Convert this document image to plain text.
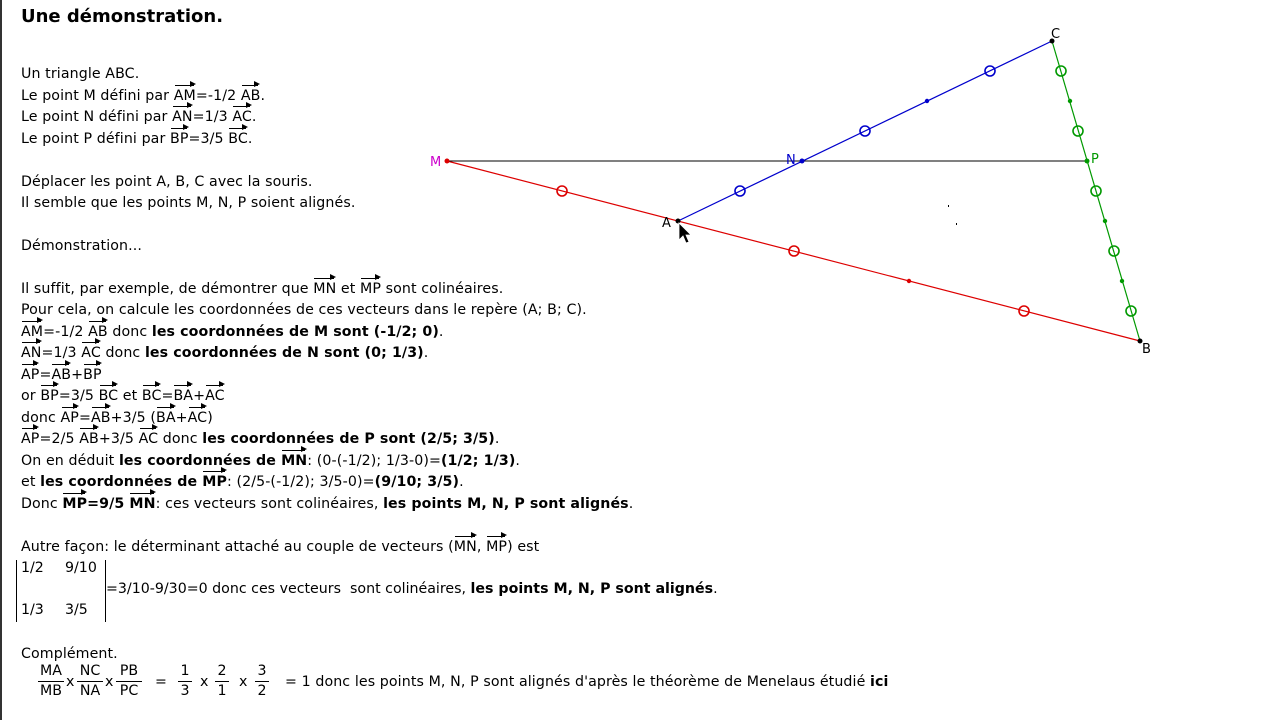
Une démonstration.
Un triangle ABC.
Le point M défini par AM=-1/2 AB.
Le point N défini par AN=1/3 AC.
Le point P défini par BP=3/5 BC.
Déplacer les point A, B, C avec la souris.
Il semble que les points M, N, P soient alignés.
Démonstration...
Il suffit, par exemple, de démontrer que MN et MP sont colinéaires.
Pour cela, on calcule les coordonnées de ces vecteurs dans le repère (A; B; C).
AM=-1/2 AB donc les coordonnées de M sont (-1/2; 0).
AN=1/3 AC donc les coordonnées de N sont (0; 1/3).
AP=AB+BP
or BP=3/5 BC et BC=BA+AC
donc AP=AB+3/5 (BA+AC)
AP=2/5 AB+3/5 AC donc les coordonnées de P sont (2/5; 3/5).
On en déduit les coordonnées de MN: (0-(-1/2); 1/3-0)=(1/2; 1/3).
et les coordonnées de MP: (2/5-(-1/2); 3/5-0)=(9/10; 3/5).
Donc MP=9/5 MN: ces vecteurs sont colinéaires, les points M, N, P sont alignés.
Autre façon: le déterminant attaché au couple de vecteurs (MN, MP) est
1/2 9/10
1/3 3/5
=3/10-9/30=0 donc ces vecteurs  sont colinéaires, les points M, N, P sont alignés.
Complément.
MA
MB
x
NC
NA
x
PB
PC
=
1
3
x
2
1
x
3
2
= 1 donc les points M, N, P sont alignés d'après le théorème de Menelaus étudié ici
A
B
C
M	N	P
